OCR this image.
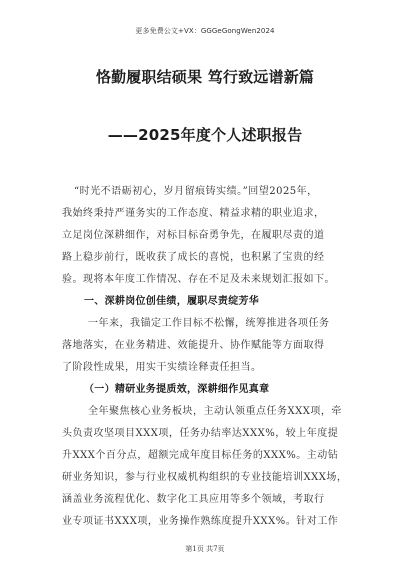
更多免费公文+VX：GGGeGongWen2024
恪勤履职结硕果 笃行致远谱新篇
——2025年度个人述职报告
“时光不语砺初心，岁月留痕铸实绩。”回望2025年，
我始终秉持严谨务实的工作态度、精益求精的职业追求，
立足岗位深耕细作，对标目标奋勇争先，在履职尽责的道
路上稳步前行，既收获了成长的喜悦，也积累了宝贵的经
验。现将本年度工作情况、存在不足及未来规划汇报如下。
一、深耕岗位创佳绩，履职尽责绽芳华
一年来，我锚定工作目标不松懈，统筹推进各项任务
落地落实，在业务精进、效能提升、协作赋能等方面取得
了阶段性成果，用实干实绩诠释责任担当。
（一）精研业务提质效，深耕细作见真章
全年聚焦核心业务板块，主动认领重点任务XXX项，牵
头负责攻坚项目XXX项，任务办结率达XXX%，较上年度提
升XXX个百分点，超额完成年度目标任务的XXX%。主动钻
研业务知识，参与行业权威机构组织的专业技能培训XXX场，
涵盖业务流程优化、数字化工具应用等多个领域，考取行
业专项证书XXX项，业务操作熟练度提升XXX%。针对工作
第1页 共7页
